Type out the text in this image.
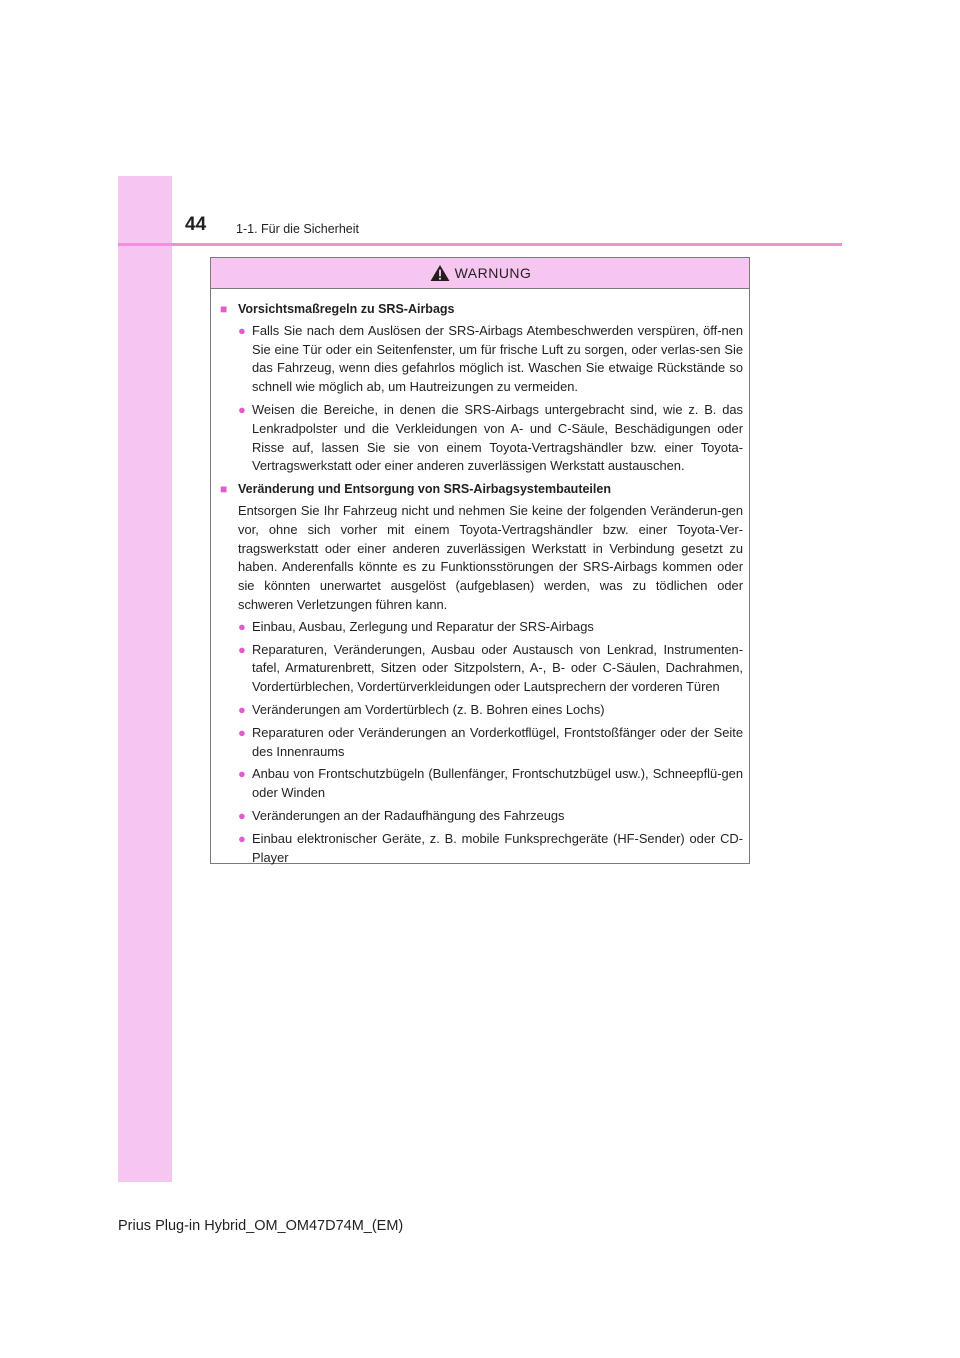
44 1-1. Für die Sicherheit
WARNUNG
■ Vorsichtsmaßregeln zu SRS-Airbags
● Falls Sie nach dem Auslösen der SRS-Airbags Atembeschwerden verspüren, öff-nen Sie eine Tür oder ein Seitenfenster, um für frische Luft zu sorgen, oder verlas-sen Sie das Fahrzeug, wenn dies gefahrlos möglich ist. Waschen Sie etwaige Rückstände so schnell wie möglich ab, um Hautreizungen zu vermeiden.
● Weisen die Bereiche, in denen die SRS-Airbags untergebracht sind, wie z. B. das Lenkradpolster und die Verkleidungen von A- und C-Säule, Beschädigungen oder Risse auf, lassen Sie sie von einem Toyota-Vertragshändler bzw. einer Toyota-Vertragswerkstatt oder einer anderen zuverlässigen Werkstatt austauschen.
■ Veränderung und Entsorgung von SRS-Airbagsystembauteilen
Entsorgen Sie Ihr Fahrzeug nicht und nehmen Sie keine der folgenden Veränderun-gen vor, ohne sich vorher mit einem Toyota-Vertragshändler bzw. einer Toyota-Ver-tragswerkstatt oder einer anderen zuverlässigen Werkstatt in Verbindung gesetzt zu haben. Anderenfalls könnte es zu Funktionsstörungen der SRS-Airbags kommen oder sie könnten unerwartet ausgelöst (aufgeblasen) werden, was zu tödlichen oder schweren Verletzungen führen kann.
● Einbau, Ausbau, Zerlegung und Reparatur der SRS-Airbags
● Reparaturen, Veränderungen, Ausbau oder Austausch von Lenkrad, Instrumenten-tafel, Armaturenbrett, Sitzen oder Sitzpolstern, A-, B- oder C-Säulen, Dachrahmen, Vordertürblechen, Vordertürverkleidungen oder Lautsprechern der vorderen Türen
● Veränderungen am Vordertürblech (z. B. Bohren eines Lochs)
● Reparaturen oder Veränderungen an Vorderkotflügel, Frontstoßfänger oder der Seite des Innenraums
● Anbau von Frontschutzbügeln (Bullenfänger, Frontschutzbügel usw.), Schneepflü-gen oder Winden
● Veränderungen an der Radaufhängung des Fahrzeugs
● Einbau elektronischer Geräte, z. B. mobile Funksprechgeräte (HF-Sender) oder CD-Player
Prius Plug-in Hybrid_OM_OM47D74M_(EM)
